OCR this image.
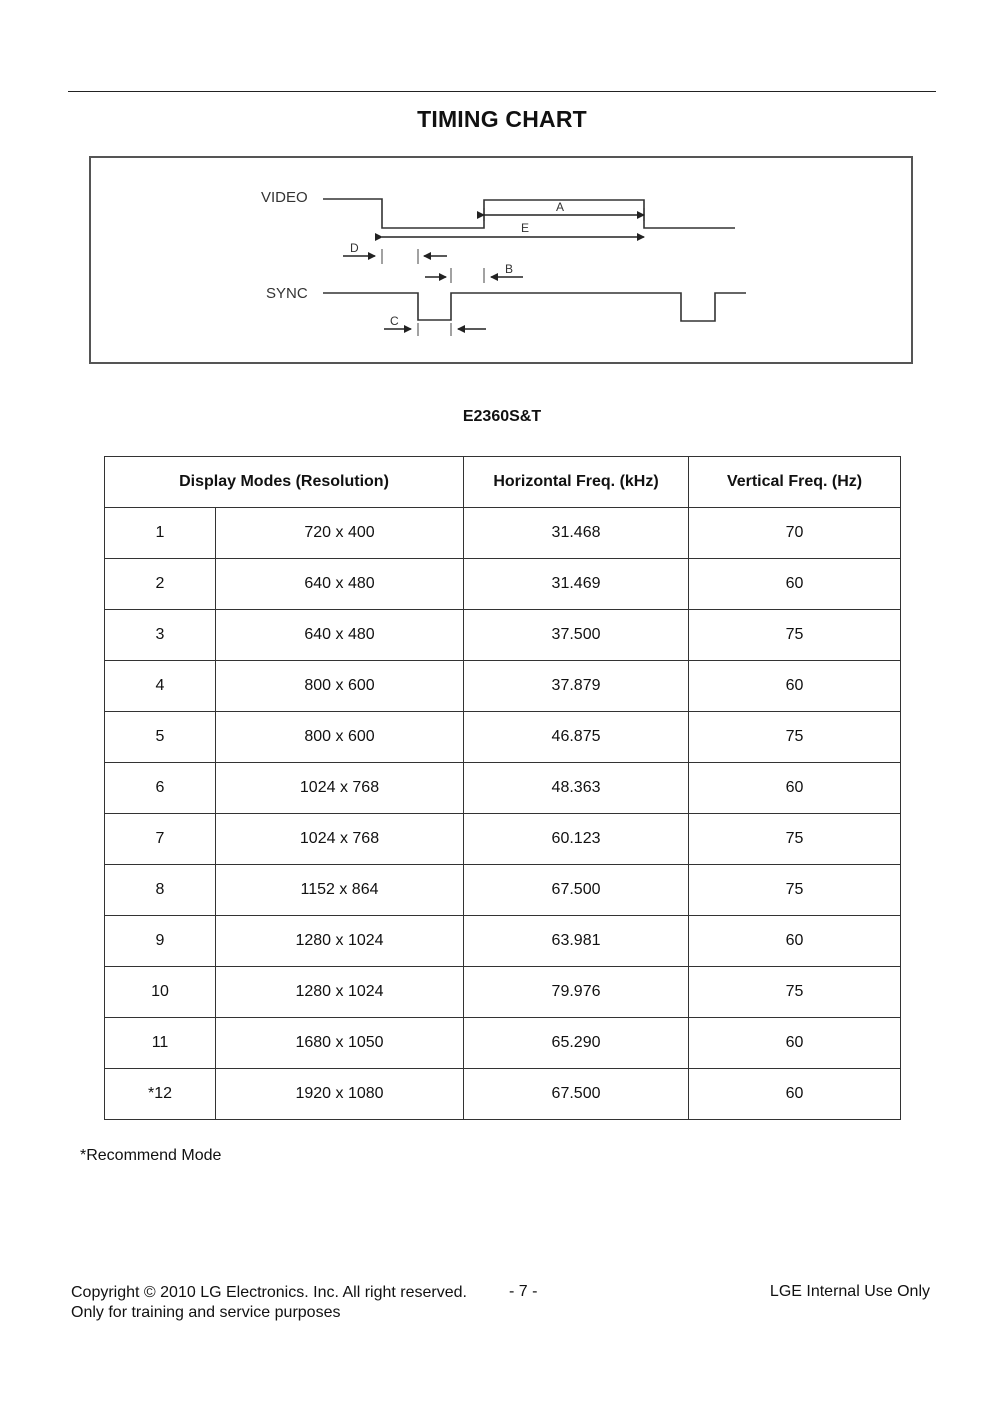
TIMING CHART
VIDEO
SYNC
A
E
D
B
C
E2360S&T
Display Modes (Resolution)		Horizontal Freq. (kHz)	Vertical Freq. (Hz)
1	720 x 400	31.468	70
2	640 x 480	31.469	60
3	640 x 480	37.500	75
4	800 x 600	37.879	60
5	800 x 600	46.875	75
6	1024 x 768	48.363	60
7	1024 x 768	60.123	75
8	1152 x 864	67.500	75
9	1280 x 1024	63.981	60
10	1280 x 1024	79.976	75
11	1680 x 1050	65.290	60
*12	1920 x 1080	67.500	60
*Recommend Mode
Copyright © 2010 LG Electronics. Inc. All right reserved.
Only for training and service purposes
- 7 -	LGE Internal Use Only
